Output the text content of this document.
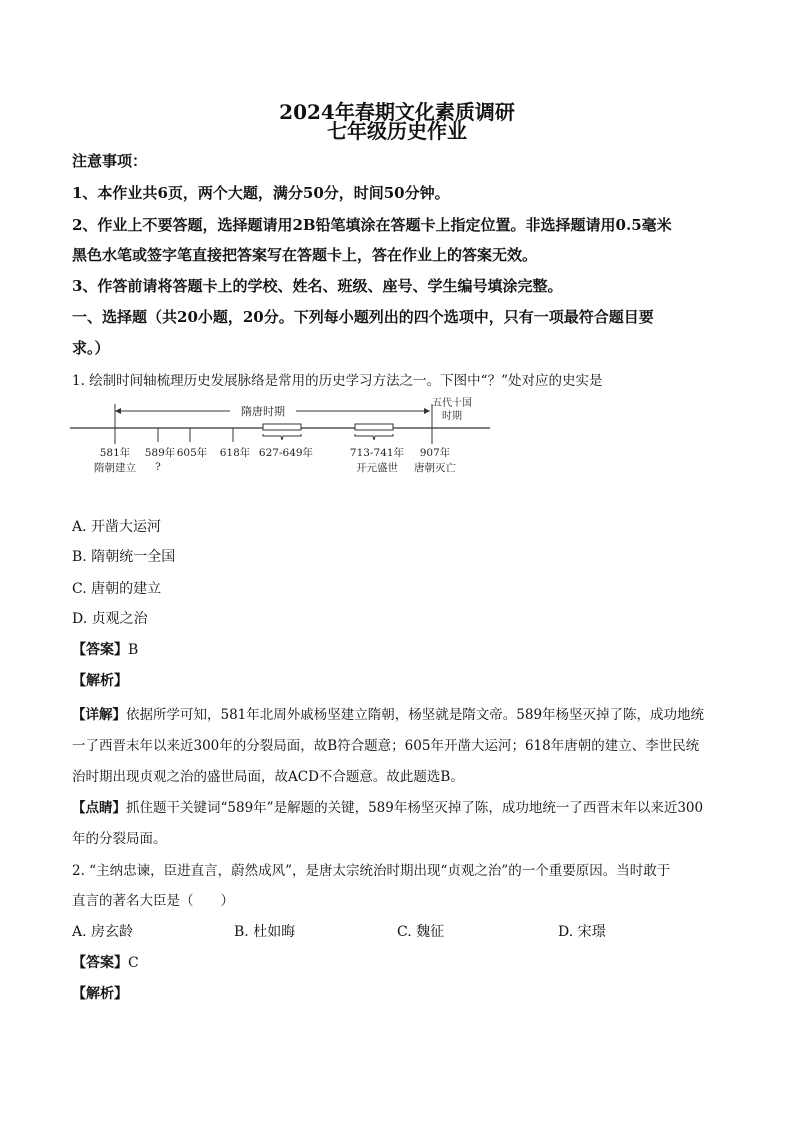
2024年春期文化素质调研
七年级历史作业
注意事项：
1、本作业共6页，两个大题，满分50分，时间50分钟。
2、作业上不要答题，选择题请用2B铅笔填涂在答题卡上指定位置。非选择题请用0.5毫米
黑色水笔或签字笔直接把答案写在答题卡上，答在作业上的答案无效。
3、作答前请将答题卡上的学校、姓名、班级、座号、学生编号填涂完整。
一、选择题（共20小题，20分。下列每小题列出的四个选项中，只有一项最符合题目要
求。）
1. 绘制时间轴梳理历史发展脉络是常用的历史学习方法之一。下图中“？”处对应的史实是
隋唐时期
五代十国
时期
581年
隋朝建立
589年
?
605年 618年 627-649年	713-741年
开元盛世
907年
唐朝灭亡
A. 开凿大运河
B. 隋朝统一全国
C. 唐朝的建立
D. 贞观之治
【答案】B
【解析】
【详解】依据所学可知，581年北周外戚杨坚建立隋朝，杨坚就是隋文帝。589年杨坚灭掉了陈，成功地统
一了西晋末年以来近300年的分裂局面，故B符合题意；605年开凿大运河；618年唐朝的建立、李世民统
治时期出现贞观之治的盛世局面，故ACD不合题意。故此题选B。
【点睛】抓住题干关键词“589年”是解题的关键，589年杨坚灭掉了陈，成功地统一了西晋末年以来近300
年的分裂局面。
2. “主纳忠谏，臣进直言，蔚然成风”，是唐太宗统治时期出现“贞观之治”的一个重要原因。当时敢于
直言的著名大臣是（　　）
A. 房玄龄	B. 杜如晦	C. 魏征	D. 宋璟
【答案】C
【解析】
